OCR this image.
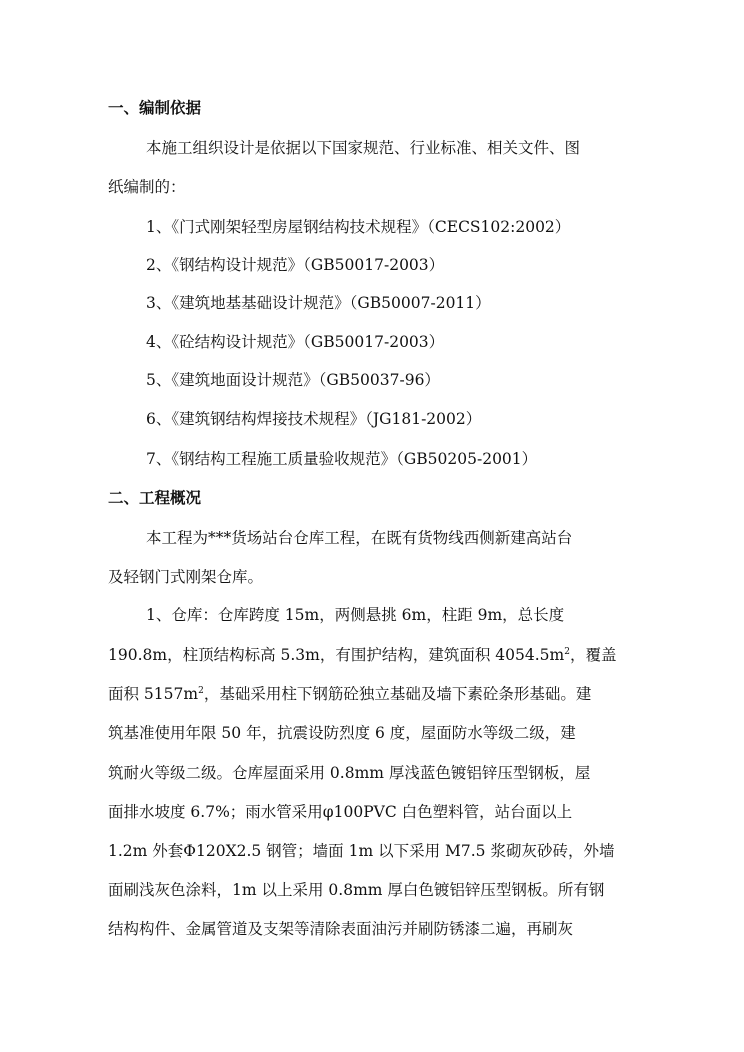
一、编制依据
本施工组织设计是依据以下国家规范、行业标准、相关文件、图
纸编制的：
1、《门式刚架轻型房屋钢结构技术规程》（CECS102:2002）
2、《钢结构设计规范》（GB50017-2003）
3、《建筑地基基础设计规范》（GB50007-2011）
4、《砼结构设计规范》（GB50017-2003）
5、《建筑地面设计规范》（GB50037-96）
6、《建筑钢结构焊接技术规程》（JG181-2002）
7、《钢结构工程施工质量验收规范》（GB50205-2001）
二、工程概况
本工程为***货场站台仓库工程，在既有货物线西侧新建高站台
及轻钢门式刚架仓库。
1、仓库：仓库跨度 15m，两侧悬挑 6m，柱距 9m，总长度
190.8m，柱顶结构标高 5.3m，有围护结构，建筑面积 $4054.5m^2$，覆盖
面积 $5157m^2$，基础采用柱下钢筋砼独立基础及墙下素砼条形基础。建
筑基准使用年限 50 年，抗震设防烈度 6 度，屋面防水等级二级，建
筑耐火等级二级。仓库屋面采用 0.8mm 厚浅蓝色镀铝锌压型钢板，屋
面排水坡度 6.7%；雨水管采用φ100PVC 白色塑料管，站台面以上
1.2m 外套Φ120X2.5 钢管；墙面 1m 以下采用 M7.5 浆砌灰砂砖，外墙
面刷浅灰色涂料，1m 以上采用 0.8mm 厚白色镀铝锌压型钢板。所有钢
结构构件、金属管道及支架等清除表面油污并刷防锈漆二遍，再刷灰
